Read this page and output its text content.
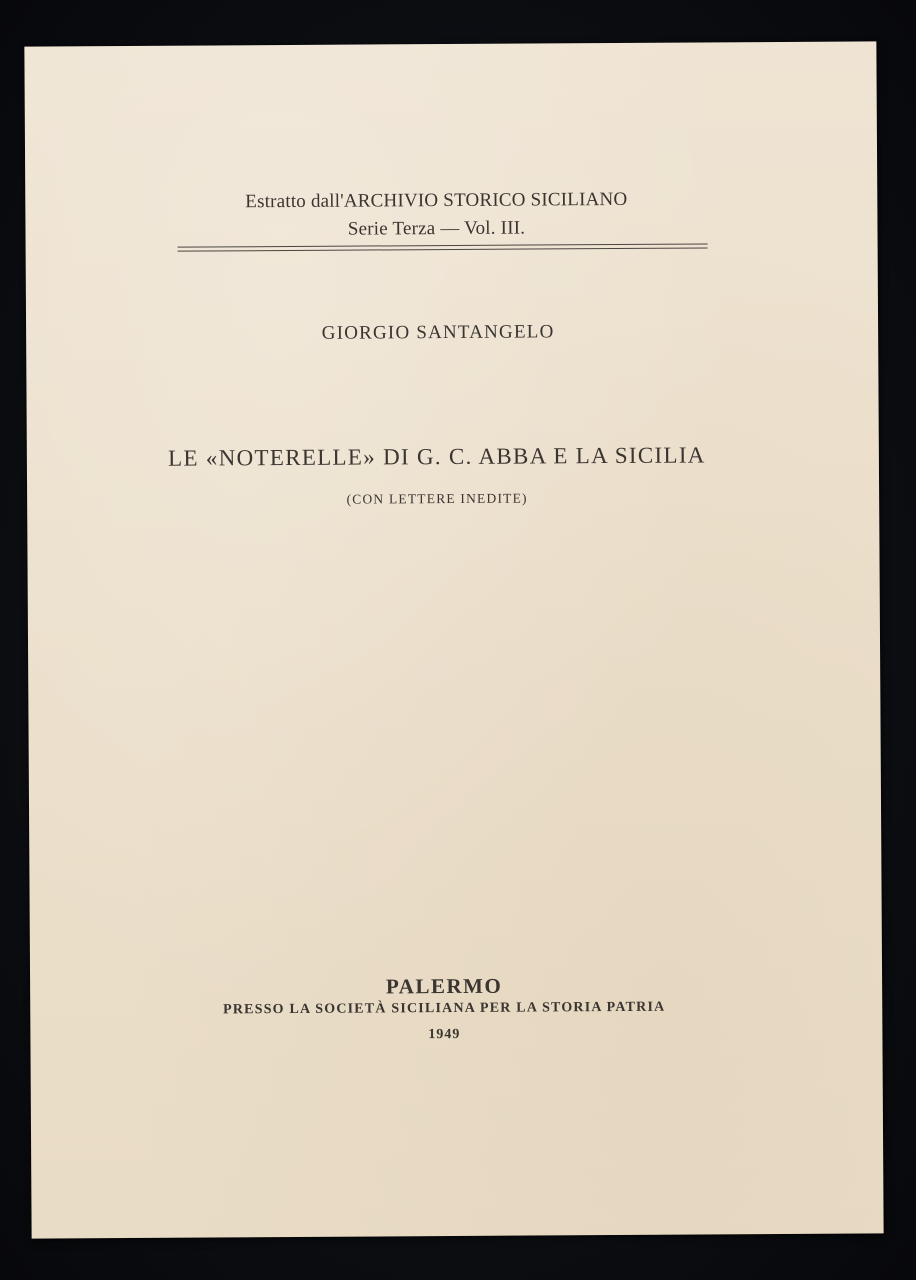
Estratto dall'ARCHIVIO STORICO SICILIANO
Serie Terza — Vol. III.
GIORGIO SANTANGELO
LE «NOTERELLE» DI G. C. ABBA E LA SICILIA
(CON LETTERE INEDITE)
PALERMO
PRESSO LA SOCIETÀ SICILIANA PER LA STORIA PATRIA
1949
